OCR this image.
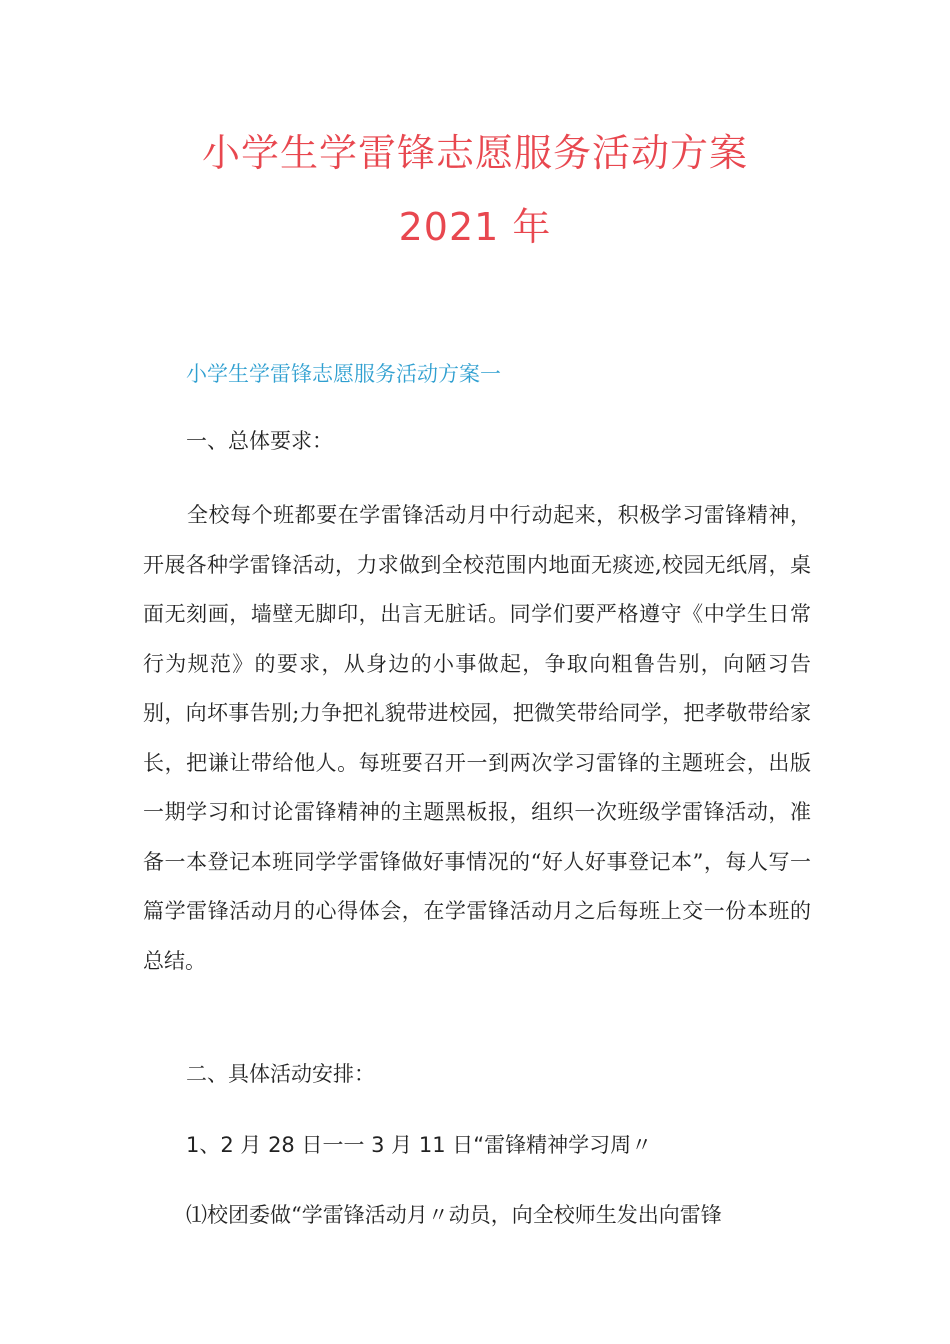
小学生学雷锋志愿服务活动方案
2021 年

小学生学雷锋志愿服务活动方案一

一、总体要求：

全校每个班都要在学雷锋活动月中行动起来，积极学习雷锋精神，开展各种学雷锋活动，力求做到全校范围内地面无痰迹,校园无纸屑，桌面无刻画，墙壁无脚印，出言无脏话。同学们要严格遵守《中学生日常行为规范》的要求，从身边的小事做起，争取向粗鲁告别，向陋习告别，向坏事告别;力争把礼貌带进校园，把微笑带给同学，把孝敬带给家长，把谦让带给他人。每班要召开一到两次学习雷锋的主题班会，出版一期学习和讨论雷锋精神的主题黑板报，组织一次班级学雷锋活动，准备一本登记本班同学学雷锋做好事情况的“好人好事登记本”，每人写一篇学雷锋活动月的心得体会，在学雷锋活动月之后每班上交一份本班的总结。

二、具体活动安排：

1、2 月 28 日一一 3 月 11 日“雷锋精神学习周〃

⑴校团委做“学雷锋活动月〃动员，向全校师生发出向雷锋
